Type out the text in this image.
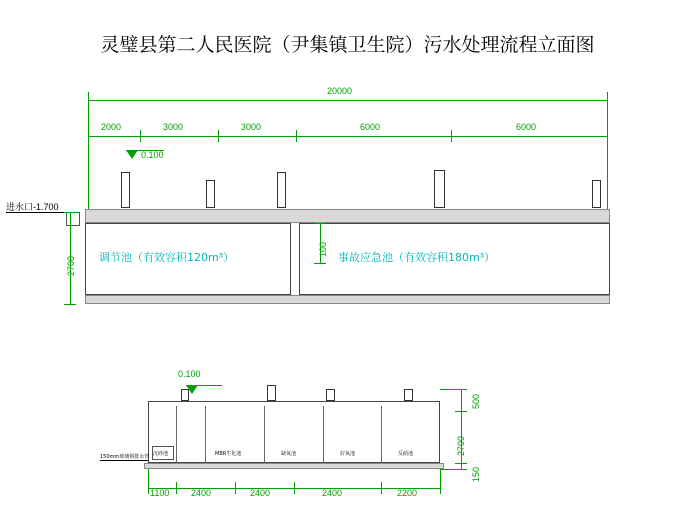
灵璧县第二人民医院（尹集镇卫生院）污水处理流程立面图
20000
2000	3000	3000	6000	6000
0.100
进水口-1.700
调节池（有效容积120m³）	事故应急池（有效容积180m³）
2700
100
0.100
沉砂池	MBR生化池	缺氧池	好氧池	反硝池
150mm玻璃钢排水管
1100 2400	2400	2400	2200
500
2700
150
